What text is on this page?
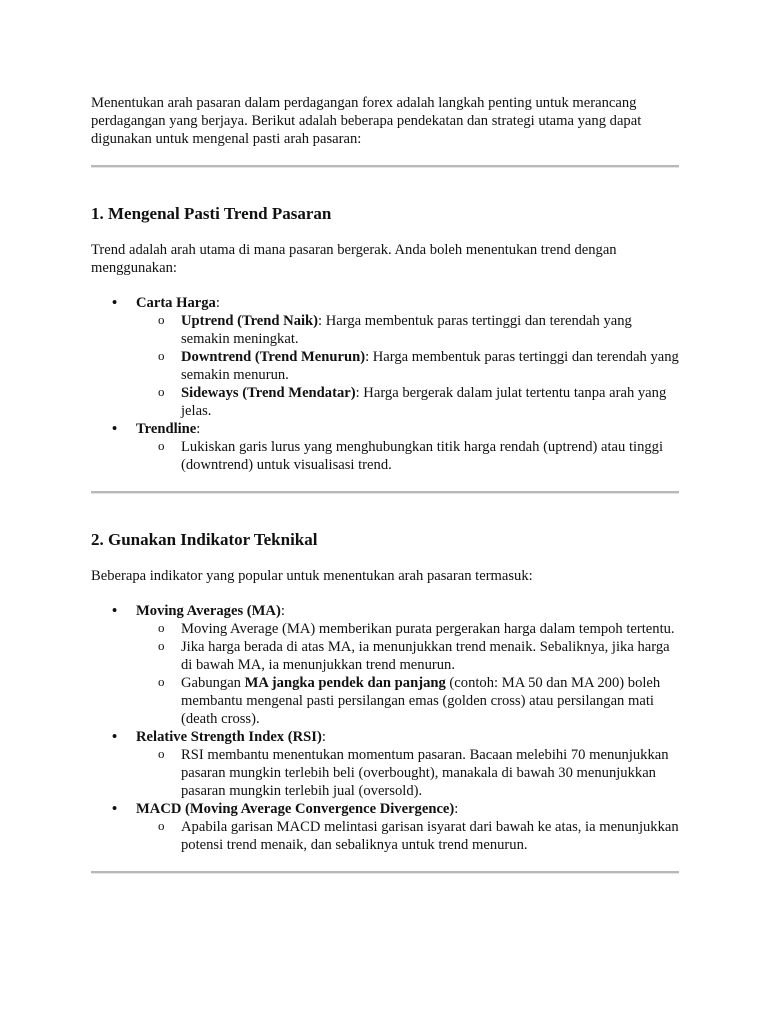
Menentukan arah pasaran dalam perdagangan forex adalah langkah penting untuk merancang perdagangan yang berjaya. Berikut adalah beberapa pendekatan dan strategi utama yang dapat digunakan untuk mengenal pasti arah pasaran:

1. Mengenal Pasti Trend Pasaran

Trend adalah arah utama di mana pasaran bergerak. Anda boleh menentukan trend dengan menggunakan:

• Carta Harga:
o Uptrend (Trend Naik): Harga membentuk paras tertinggi dan terendah yang semakin meningkat.
o Downtrend (Trend Menurun): Harga membentuk paras tertinggi dan terendah yang semakin menurun.
o Sideways (Trend Mendatar): Harga bergerak dalam julat tertentu tanpa arah yang jelas.
• Trendline:
o Lukiskan garis lurus yang menghubungkan titik harga rendah (uptrend) atau tinggi (downtrend) untuk visualisasi trend.
2. Gunakan Indikator Teknikal

Beberapa indikator yang popular untuk menentukan arah pasaran termasuk:

• Moving Averages (MA):
o Moving Average (MA) memberikan purata pergerakan harga dalam tempoh tertentu.
o Jika harga berada di atas MA, ia menunjukkan trend menaik. Sebaliknya, jika harga di bawah MA, ia menunjukkan trend menurun.
o Gabungan MA jangka pendek dan panjang (contoh: MA 50 dan MA 200) boleh membantu mengenal pasti persilangan emas (golden cross) atau persilangan mati (death cross).
• Relative Strength Index (RSI):
o RSI membantu menentukan momentum pasaran. Bacaan melebihi 70 menunjukkan pasaran mungkin terlebih beli (overbought), manakala di bawah 30 menunjukkan pasaran mungkin terlebih jual (oversold).
• MACD (Moving Average Convergence Divergence):
o Apabila garisan MACD melintasi garisan isyarat dari bawah ke atas, ia menunjukkan potensi trend menaik, dan sebaliknya untuk trend menurun.
